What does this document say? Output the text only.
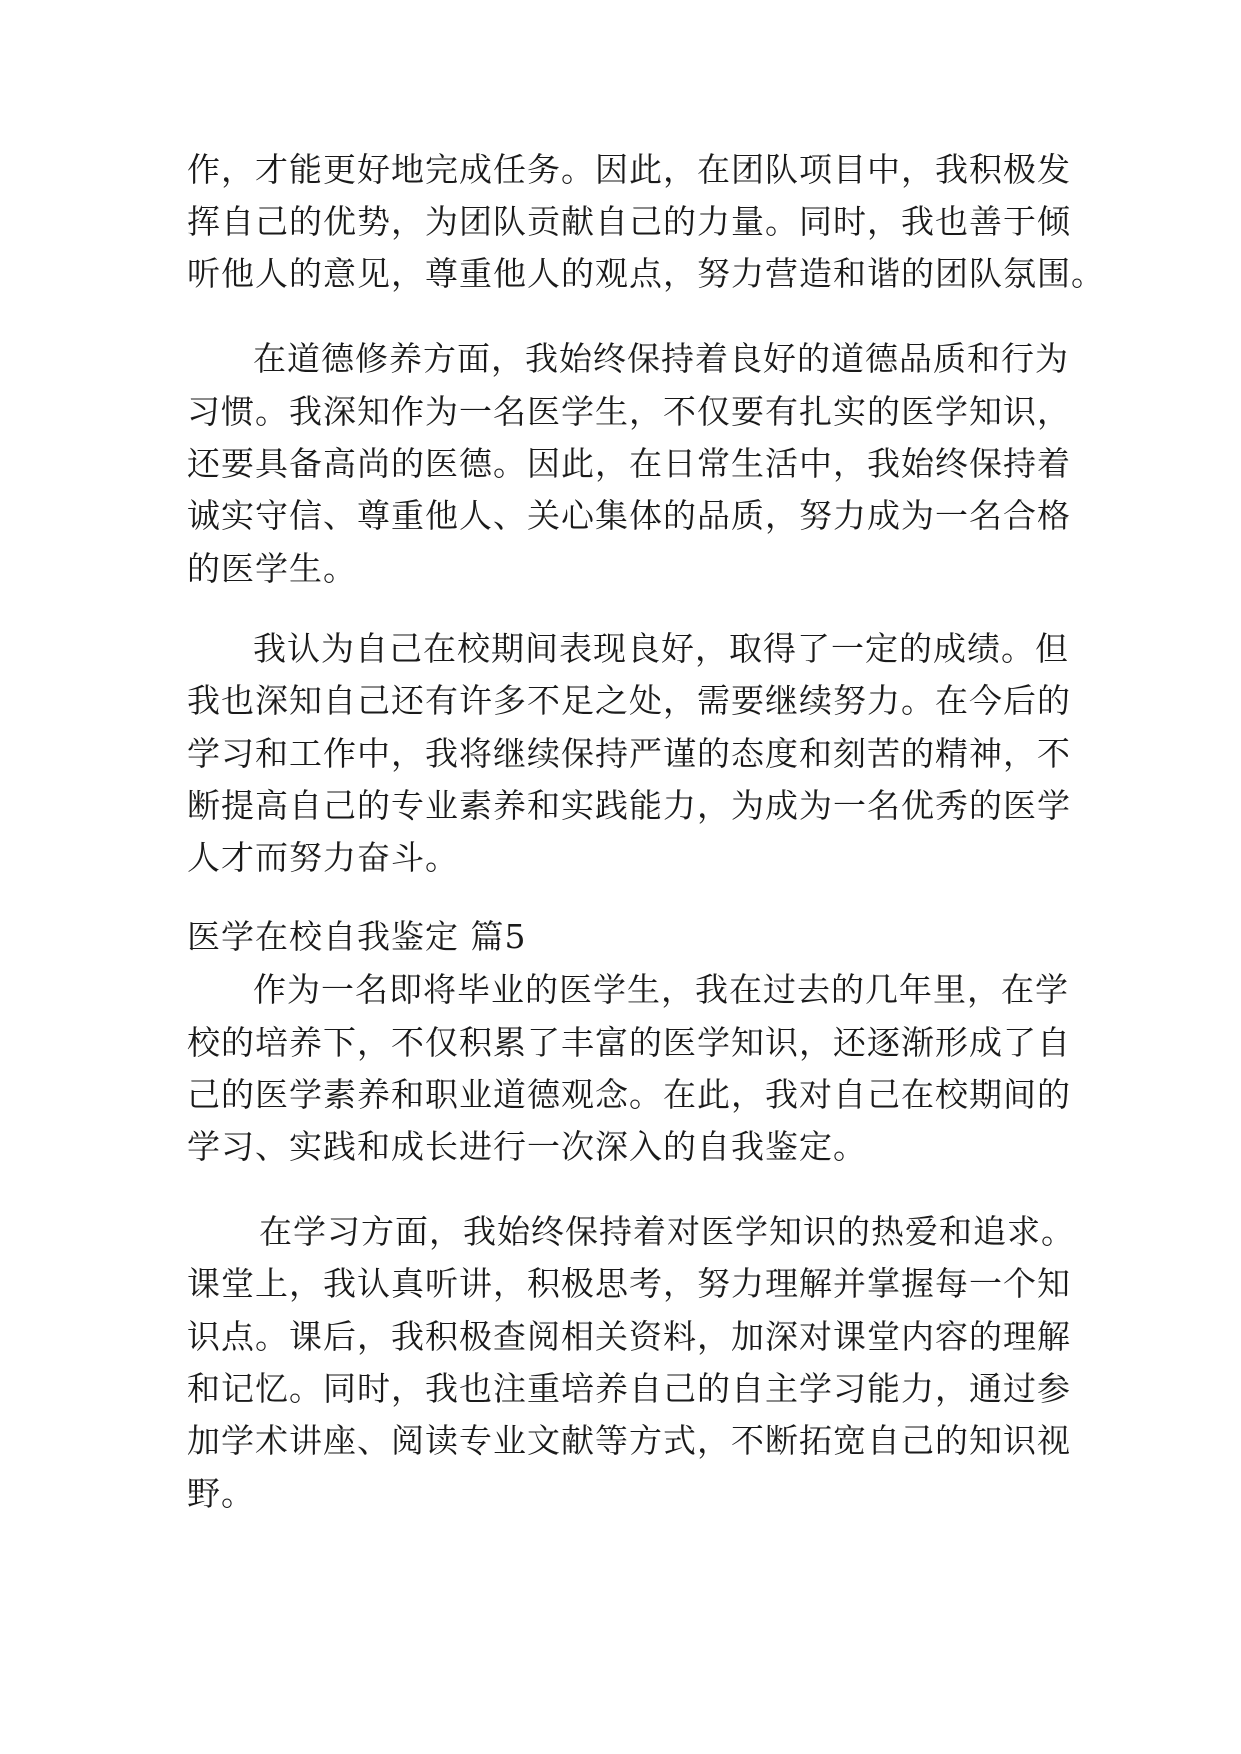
作，才能更好地完成任务。因此，在团队项目中，我积极发
挥自己的优势，为团队贡献自己的力量。同时，我也善于倾
听他人的意见，尊重他人的观点，努力营造和谐的团队氛围。
在道德修养方面，我始终保持着良好的道德品质和行为
习惯。我深知作为一名医学生，不仅要有扎实的医学知识，
还要具备高尚的医德。因此，在日常生活中，我始终保持着
诚实守信、尊重他人、关心集体的品质，努力成为一名合格
的医学生。
我认为自己在校期间表现良好，取得了一定的成绩。但
我也深知自己还有许多不足之处，需要继续努力。在今后的
学习和工作中，我将继续保持严谨的态度和刻苦的精神，不
断提高自己的专业素养和实践能力，为成为一名优秀的医学
人才而努力奋斗。
医学在校自我鉴定 篇5
作为一名即将毕业的医学生，我在过去的几年里，在学
校的培养下，不仅积累了丰富的医学知识，还逐渐形成了自
己的医学素养和职业道德观念。在此，我对自己在校期间的
学习、实践和成长进行一次深入的自我鉴定。
在学习方面，我始终保持着对医学知识的热爱和追求。
课堂上，我认真听讲，积极思考，努力理解并掌握每一个知
识点。课后，我积极查阅相关资料，加深对课堂内容的理解
和记忆。同时，我也注重培养自己的自主学习能力，通过参
加学术讲座、阅读专业文献等方式，不断拓宽自己的知识视
野。
